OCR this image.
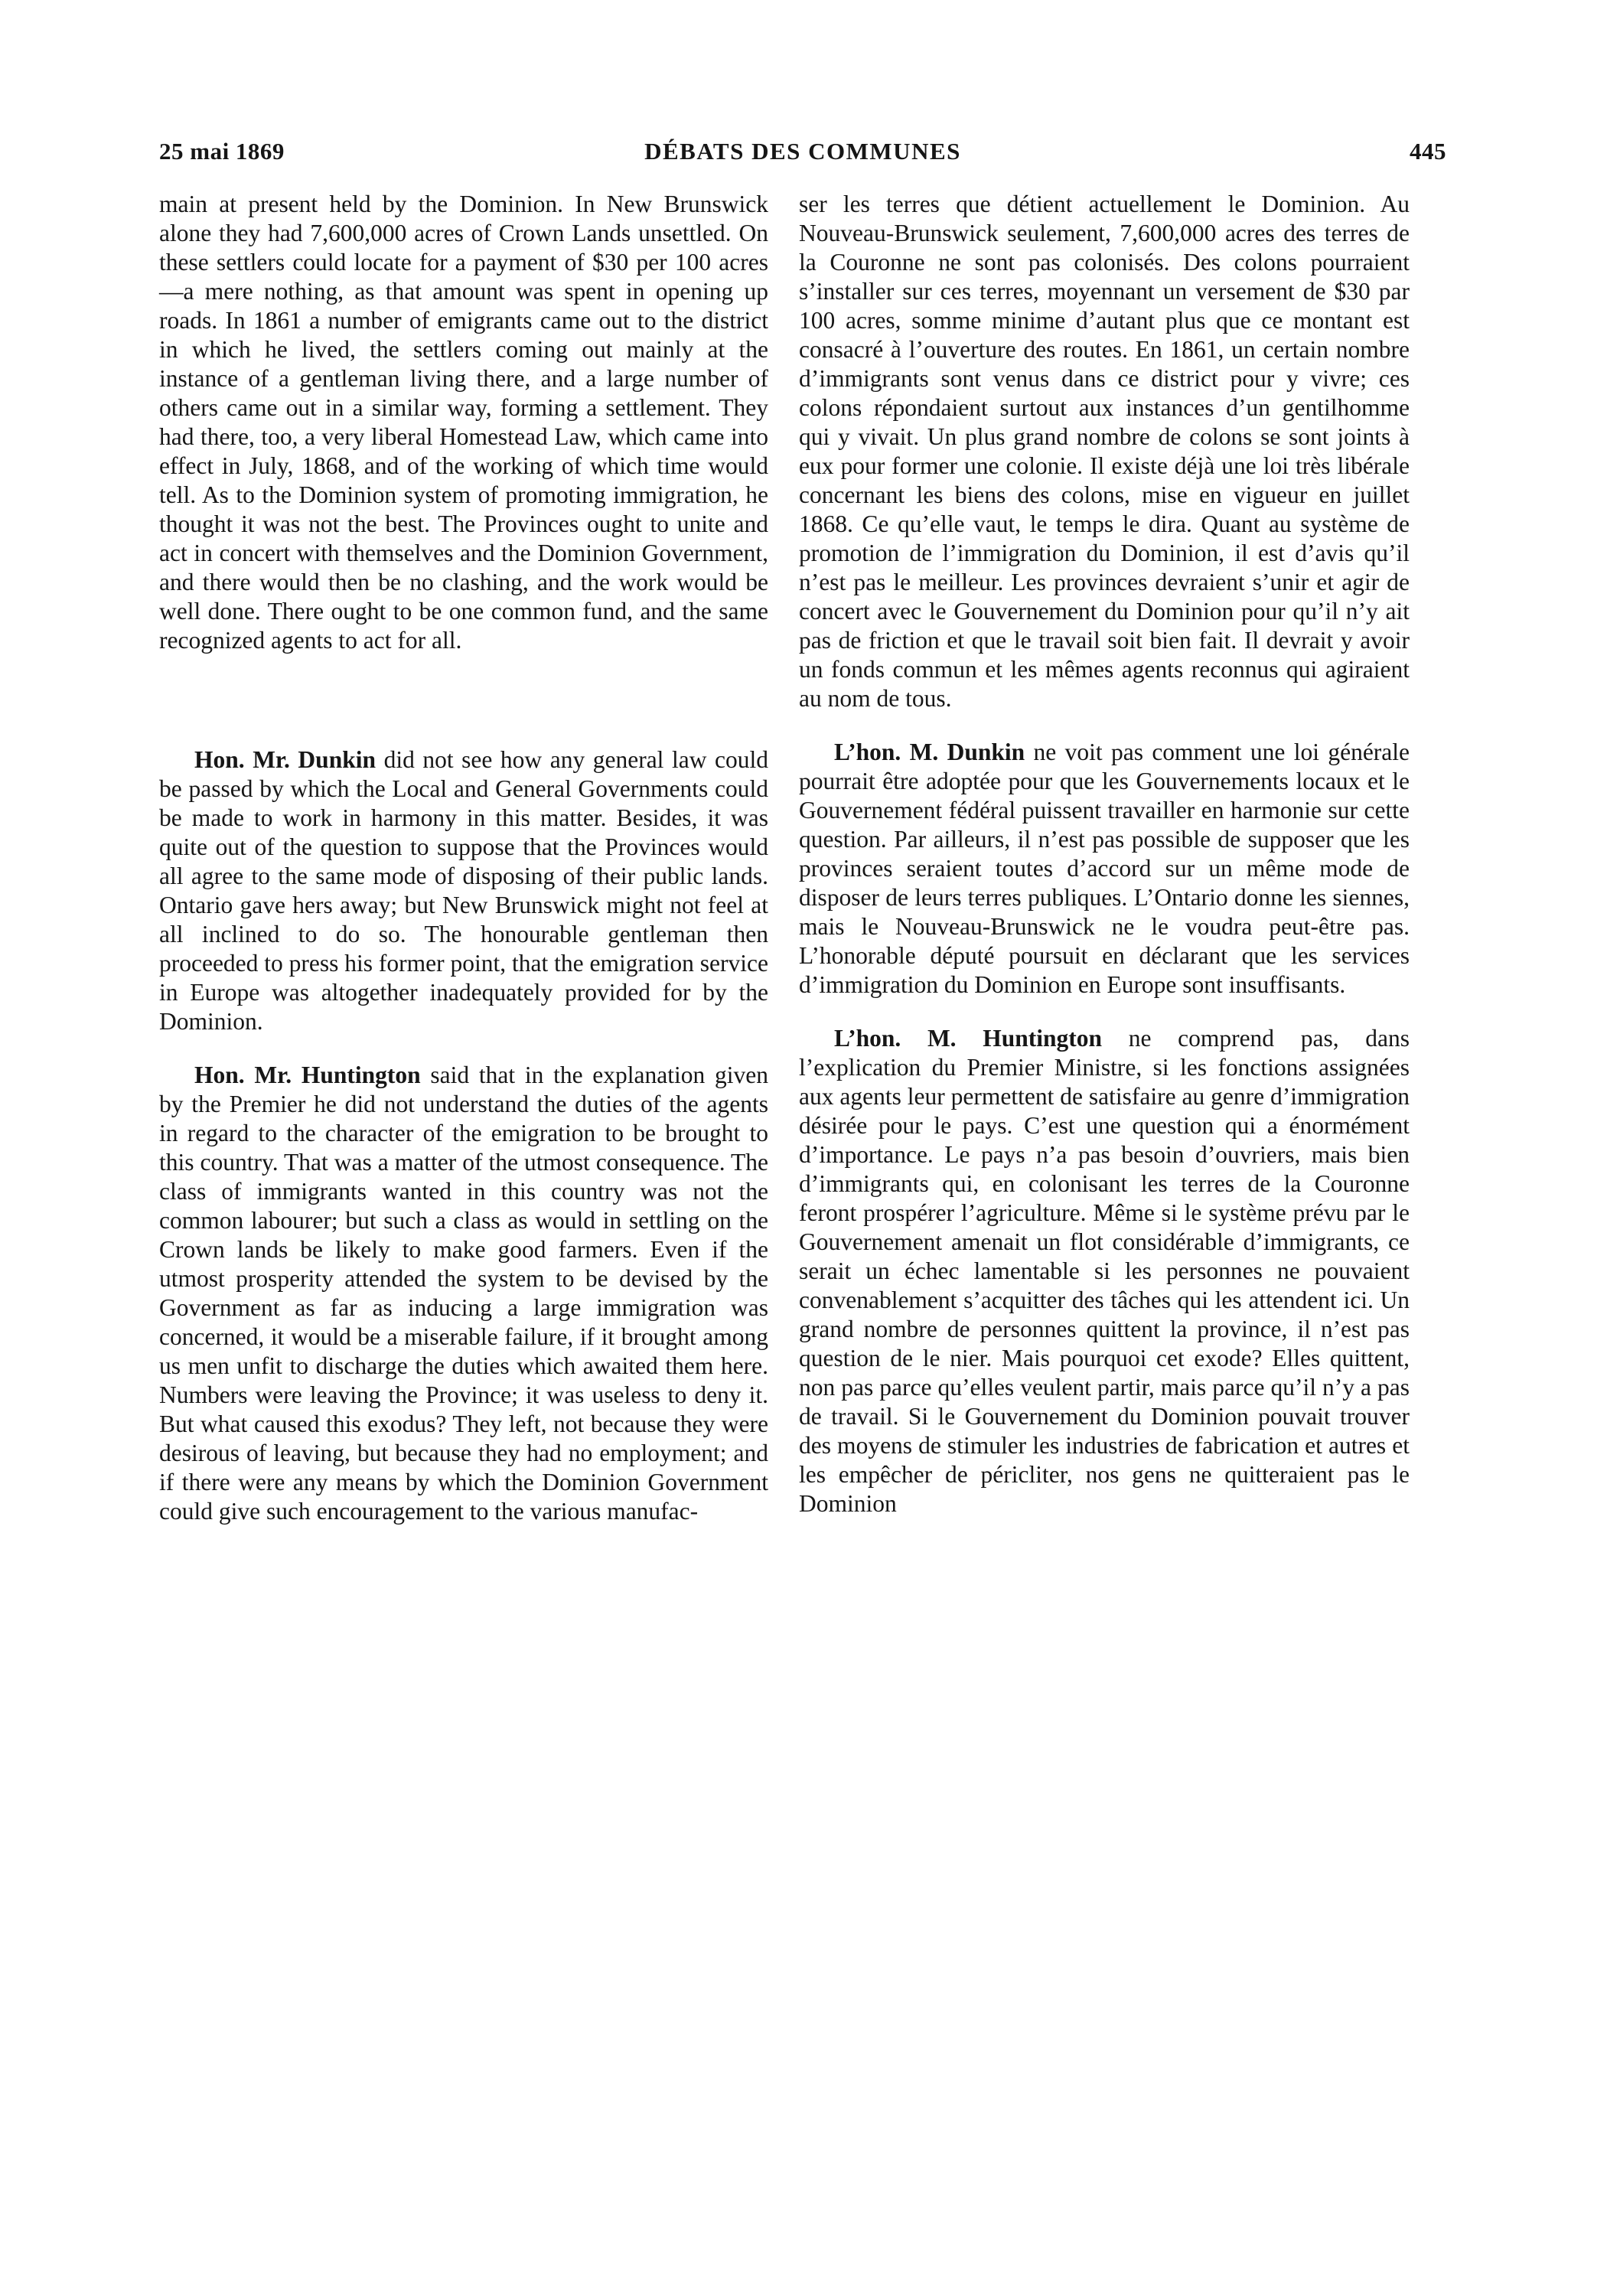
25 mai 1869	DÉBATS DES COMMUNES	445

main at present held by the Dominion. In New Brunswick alone they had 7,600,000 acres of Crown Lands unsettled. On these settlers could locate for a payment of $30 per 100 acres—a mere nothing, as that amount was spent in opening up roads. In 1861 a number of emigrants came out to the district in which he lived, the settlers coming out mainly at the instance of a gentleman living there, and a large number of others came out in a similar way, forming a settlement. They had there, too, a very liberal Homestead Law, which came into effect in July, 1868, and of the working of which time would tell. As to the Dominion system of promoting immigration, he thought it was not the best. The Provinces ought to unite and act in concert with themselves and the Dominion Government, and there would then be no clashing, and the work would be well done. There ought to be one common fund, and the same recognized agents to act for all.

Hon. Mr. Dunkin did not see how any general law could be passed by which the Local and General Governments could be made to work in harmony in this matter. Besides, it was quite out of the question to suppose that the Provinces would all agree to the same mode of disposing of their public lands. Ontario gave hers away; but New Brunswick might not feel at all inclined to do so. The honourable gentleman then proceeded to press his former point, that the emigration service in Europe was altogether inadequately provided for by the Dominion.

Hon. Mr. Huntington said that in the explanation given by the Premier he did not understand the duties of the agents in regard to the character of the emigration to be brought to this country. That was a matter of the utmost consequence. The class of immigrants wanted in this country was not the common labourer; but such a class as would in settling on the Crown lands be likely to make good farmers. Even if the utmost prosperity attended the system to be devised by the Government as far as inducing a large immigration was concerned, it would be a miserable failure, if it brought among us men unfit to discharge the duties which awaited them here. Numbers were leaving the Province; it was useless to deny it. But what caused this exodus? They left, not because they were desirous of leaving, but because they had no employment; and if there were any means by which the Dominion Government could give such encouragement to the various manufac-

ser les terres que détient actuellement le Dominion. Au Nouveau-Brunswick seulement, 7,600,000 acres des terres de la Couronne ne sont pas colonisés. Des colons pourraient s’installer sur ces terres, moyennant un versement de $30 par 100 acres, somme minime d’autant plus que ce montant est consacré à l’ouverture des routes. En 1861, un certain nombre d’immigrants sont venus dans ce district pour y vivre; ces colons répondaient surtout aux instances d’un gentilhomme qui y vivait. Un plus grand nombre de colons se sont joints à eux pour former une colonie. Il existe déjà une loi très libérale concernant les biens des colons, mise en vigueur en juillet 1868. Ce qu’elle vaut, le temps le dira. Quant au système de promotion de l’immigration du Dominion, il est d’avis qu’il n’est pas le meilleur. Les provinces devraient s’unir et agir de concert avec le Gouvernement du Dominion pour qu’il n’y ait pas de friction et que le travail soit bien fait. Il devrait y avoir un fonds commun et les mêmes agents reconnus qui agiraient au nom de tous.

L’hon. M. Dunkin ne voit pas comment une loi générale pourrait être adoptée pour que les Gouvernements locaux et le Gouvernement fédéral puissent travailler en harmonie sur cette question. Par ailleurs, il n’est pas possible de supposer que les provinces seraient toutes d’accord sur un même mode de disposer de leurs terres publiques. L’Ontario donne les siennes, mais le Nouveau-Brunswick ne le voudra peut-être pas. L’honorable député poursuit en déclarant que les services d’immigration du Dominion en Europe sont insuffisants.

L’hon. M. Huntington ne comprend pas, dans l’explication du Premier Ministre, si les fonctions assignées aux agents leur permettent de satisfaire au genre d’immigration désirée pour le pays. C’est une question qui a énormément d’importance. Le pays n’a pas besoin d’ouvriers, mais bien d’immigrants qui, en colonisant les terres de la Couronne feront prospérer l’agriculture. Même si le système prévu par le Gouvernement amenait un flot considérable d’immigrants, ce serait un échec lamentable si les personnes ne pouvaient convenablement s’acquitter des tâches qui les attendent ici. Un grand nombre de personnes quittent la province, il n’est pas question de le nier. Mais pourquoi cet exode? Elles quittent, non pas parce qu’elles veulent partir, mais parce qu’il n’y a pas de travail. Si le Gouvernement du Dominion pouvait trouver des moyens de stimuler les industries de fabrication et autres et les empêcher de péricliter, nos gens ne quitteraient pas le Dominion
